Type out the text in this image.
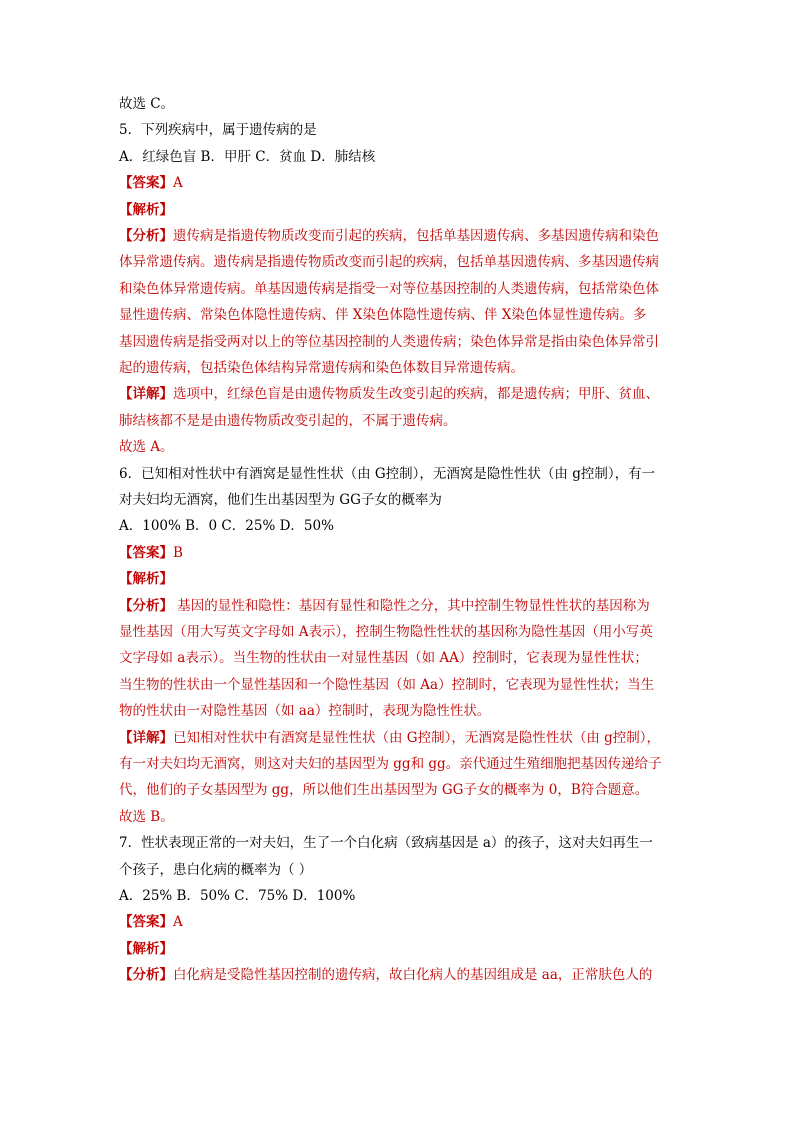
故选 C。
5．下列疾病中，属于遗传病的是
A．红绿色盲 B．甲肝 C．贫血 D．肺结核
【答案】A
【解析】
【分析】遗传病是指遗传物质改变而引起的疾病，包括单基因遗传病、多基因遗传病和染色
体异常遗传病。遗传病是指遗传物质改变而引起的疾病，包括单基因遗传病、多基因遗传病
和染色体异常遗传病。单基因遗传病是指受一对等位基因控制的人类遗传病，包括常染色体
显性遗传病、常染色体隐性遗传病、伴 X染色体隐性遗传病、伴 X染色体显性遗传病。多
基因遗传病是指受两对以上的等位基因控制的人类遗传病；染色体异常是指由染色体异常引
起的遗传病，包括染色体结构异常遗传病和染色体数目异常遗传病。
【详解】选项中，红绿色盲是由遗传物质发生改变引起的疾病，都是遗传病；甲肝、贫血、
肺结核都不是是由遗传物质改变引起的，不属于遗传病。
故选 A。
6．已知相对性状中有酒窝是显性性状（由 G控制），无酒窝是隐性性状（由 g控制），有一
对夫妇均无酒窝，他们生出基因型为 GG子女的概率为
A．100% B．0 C．25% D．50%
【答案】B
【解析】
【分析】 基因的显性和隐性：基因有显性和隐性之分，其中控制生物显性性状的基因称为
显性基因（用大写英文字母如 A表示），控制生物隐性性状的基因称为隐性基因（用小写英
文字母如 a表示）。当生物的性状由一对显性基因（如 AA）控制时，它表现为显性性状；
当生物的性状由一个显性基因和一个隐性基因（如 Aa）控制时，它表现为显性性状；当生
物的性状由一对隐性基因（如 aa）控制时，表现为隐性性状。
【详解】已知相对性状中有酒窝是显性性状（由 G控制），无酒窝是隐性性状（由 g控制），
有一对夫妇均无酒窝，则这对夫妇的基因型为 gg和 gg。亲代通过生殖细胞把基因传递给子
代，他们的子女基因型为 gg，所以他们生出基因型为 GG子女的概率为 0，B符合题意。
故选 B。
7．性状表现正常的一对夫妇，生了一个白化病（致病基因是 a）的孩子，这对夫妇再生一
个孩子，患白化病的概率为（ ）
A．25% B．50% C．75% D．100%
【答案】A
【解析】
【分析】白化病是受隐性基因控制的遗传病，故白化病人的基因组成是 aa，正常肤色人的
